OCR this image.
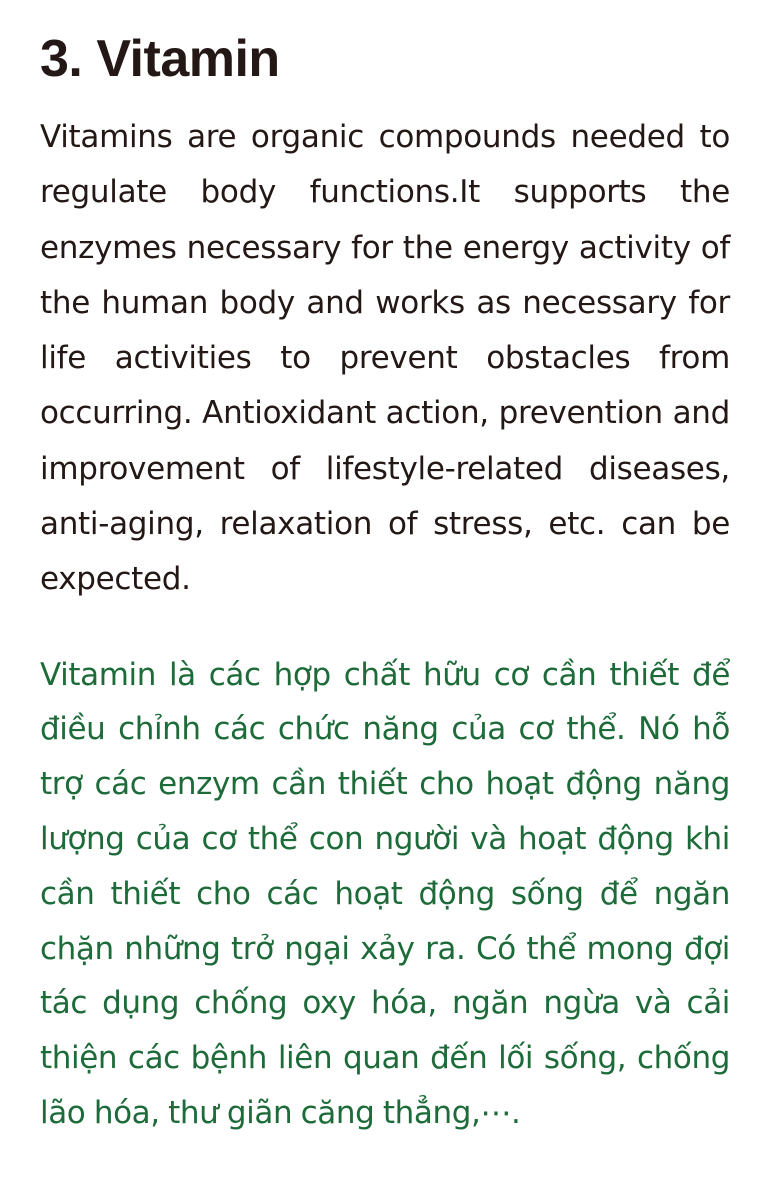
3. Vitamin

Vitamins are organic compounds needed to regulate body functions.It supports the enzymes necessary for the energy activity of the human body and works as necessary for life activities to prevent obstacles from occurring. Antioxidant action, prevention and improvement of lifestyle-related diseases, anti-aging, relaxation of stress, etc. can be expected.

Vitamin là các hợp chất hữu cơ cần thiết để điều chỉnh các chức năng của cơ thể. Nó hỗ trợ các enzym cần thiết cho hoạt động năng lượng của cơ thể con người và hoạt động khi cần thiết cho các hoạt động sống để ngăn chặn những trở ngại xảy ra. Có thể mong đợi tác dụng chống oxy hóa, ngăn ngừa và cải thiện các bệnh liên quan đến lối sống, chống lão hóa, thư giãn căng thẳng,⋯.
